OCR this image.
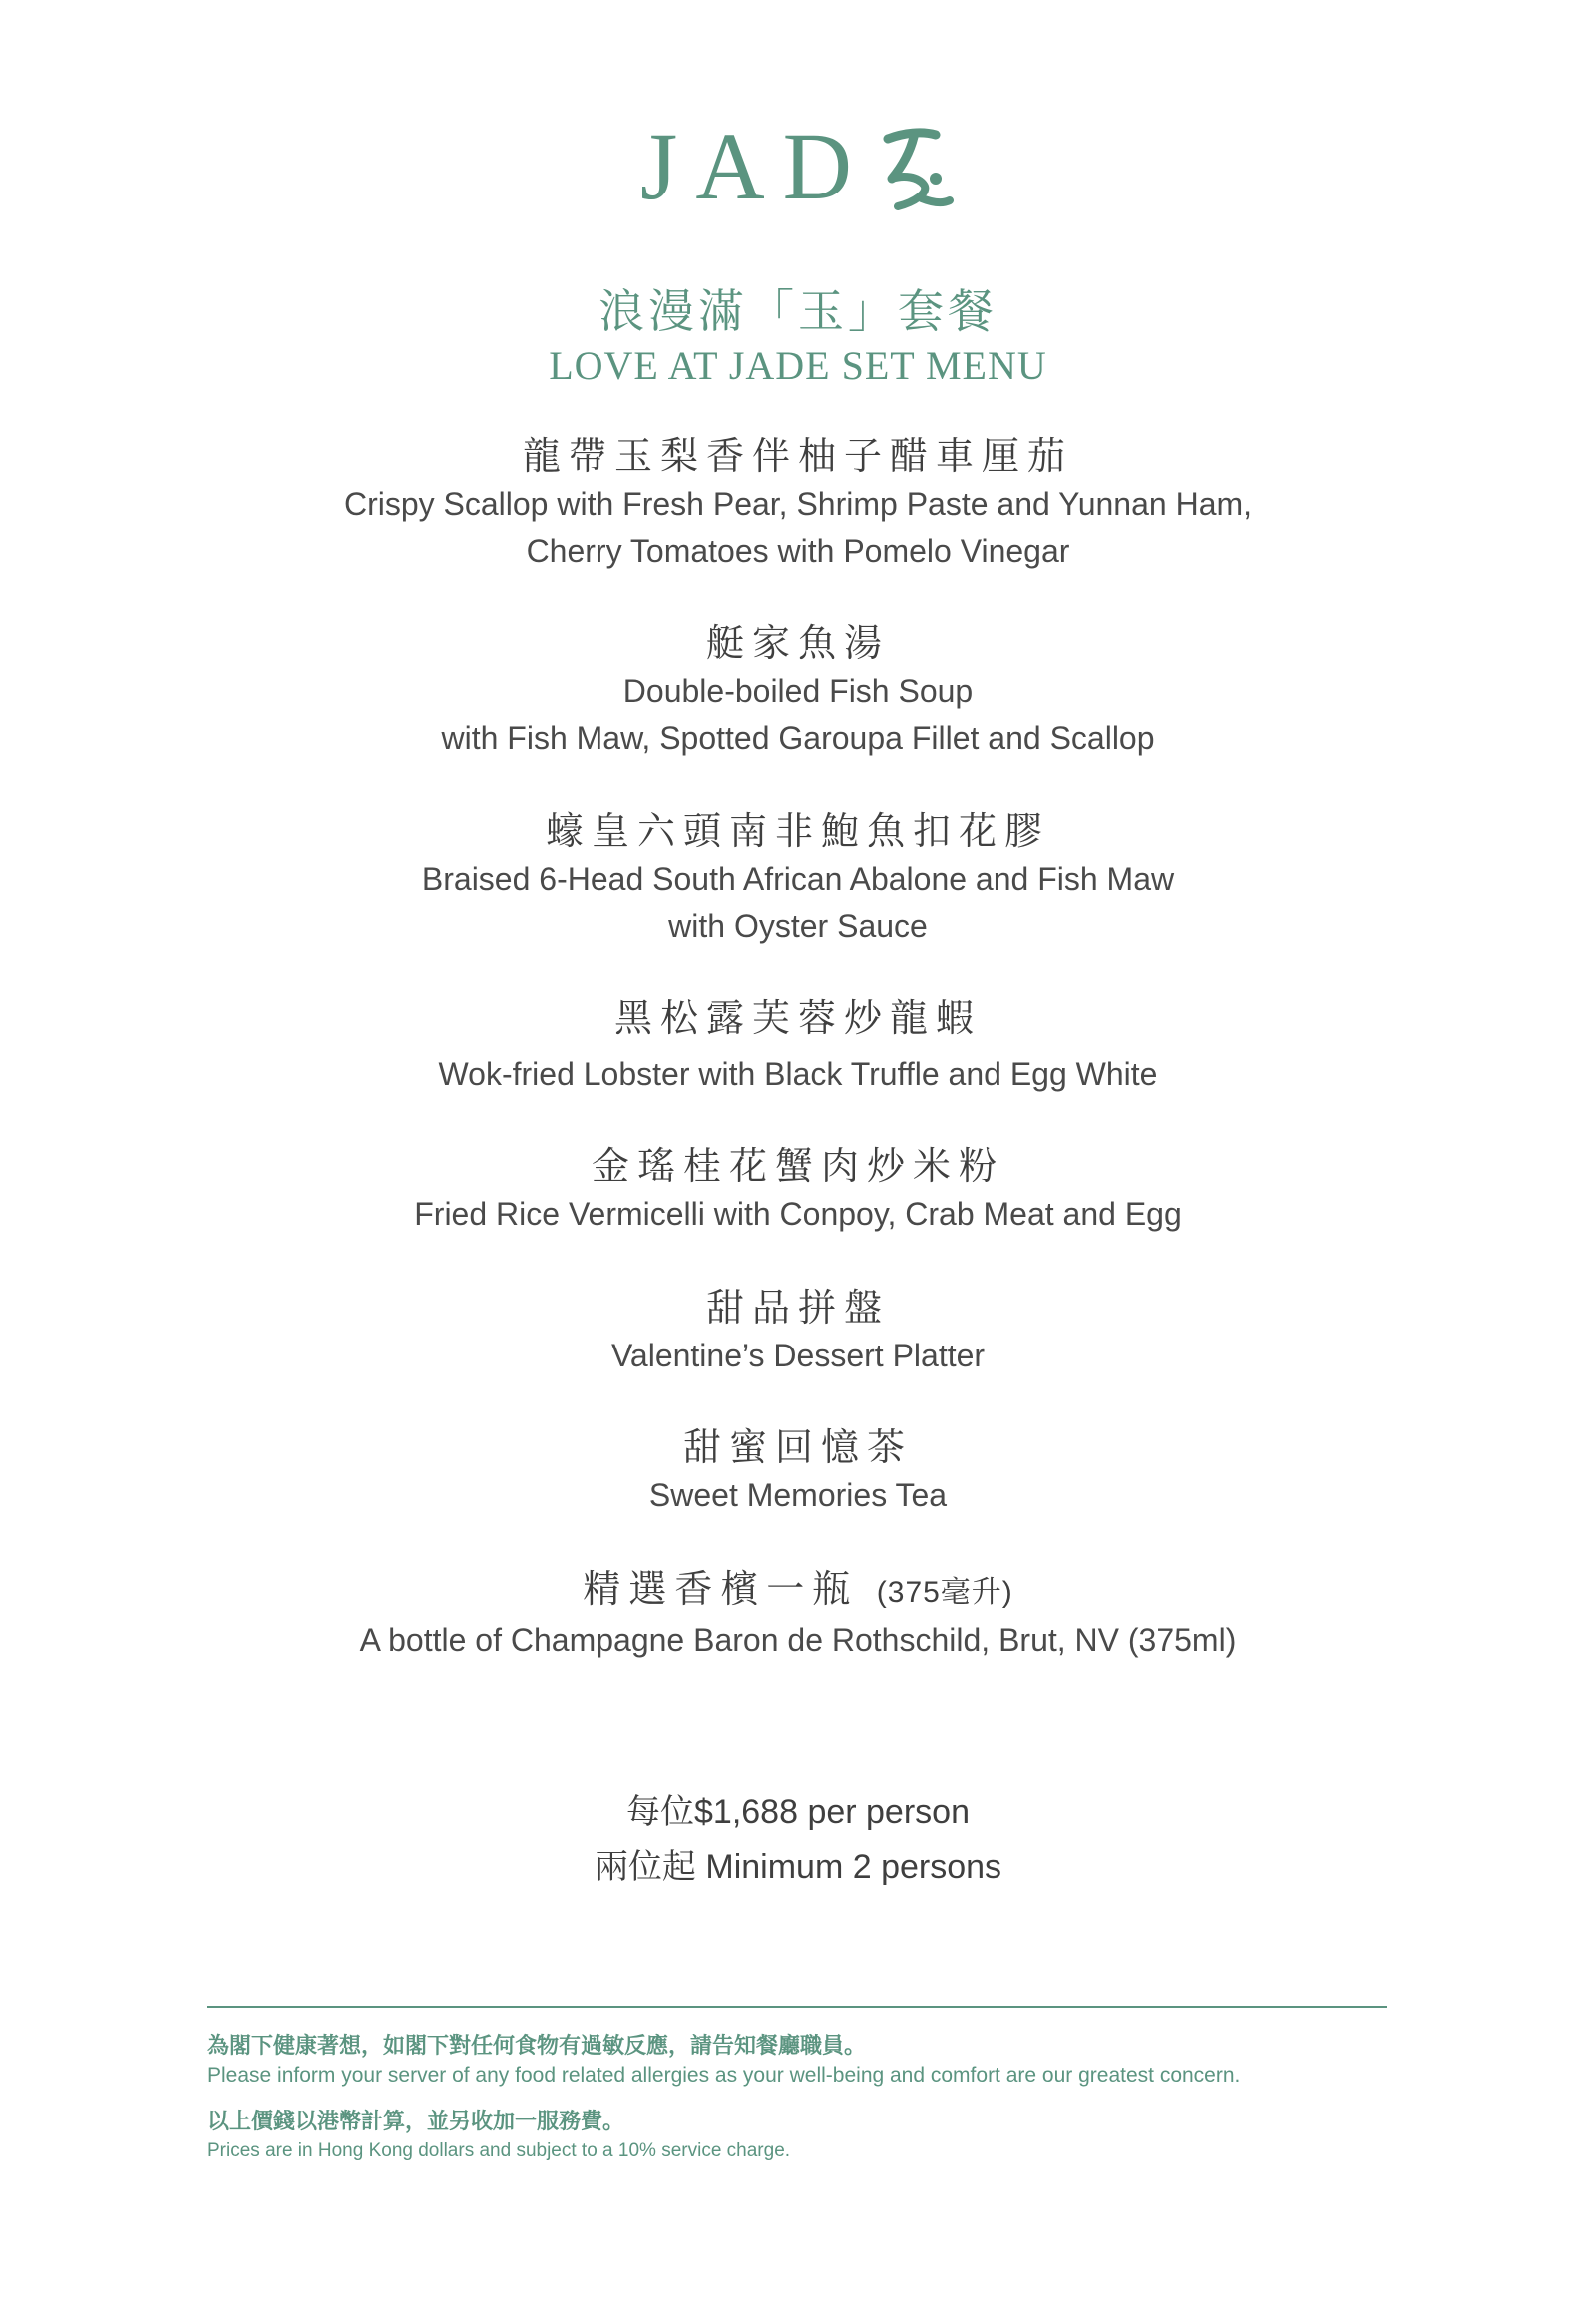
JAD
浪漫滿「玉」套餐
LOVE AT JADE SET MENU
龍帶玉梨香伴柚子醋車厘茄
Crispy Scallop with Fresh Pear, Shrimp Paste and Yunnan Ham,
Cherry Tomatoes with Pomelo Vinegar
艇家魚湯
Double-boiled Fish Soup
with Fish Maw, Spotted Garoupa Fillet and Scallop
蠔皇六頭南非鮑魚扣花膠
Braised 6-Head South African Abalone and Fish Maw
with Oyster Sauce
黑松露芙蓉炒龍蝦
Wok-fried Lobster with Black Truffle and Egg White
金瑤桂花蟹肉炒米粉
Fried Rice Vermicelli with Conpoy, Crab Meat and Egg
甜品拼盤
Valentine’s Dessert Platter
甜蜜回憶茶
Sweet Memories Tea
精選香檳一瓶 (375毫升)
A bottle of Champagne Baron de Rothschild, Brut, NV (375ml)
每位$1,688 per person
兩位起 Minimum 2 persons
為閣下健康著想，如閣下對任何食物有過敏反應，請告知餐廳職員。
Please inform your server of any food related allergies as your well-being and comfort are our greatest concern.
以上價錢以港幣計算，並另收加一服務費。
Prices are in Hong Kong dollars and subject to a 10% service charge.
